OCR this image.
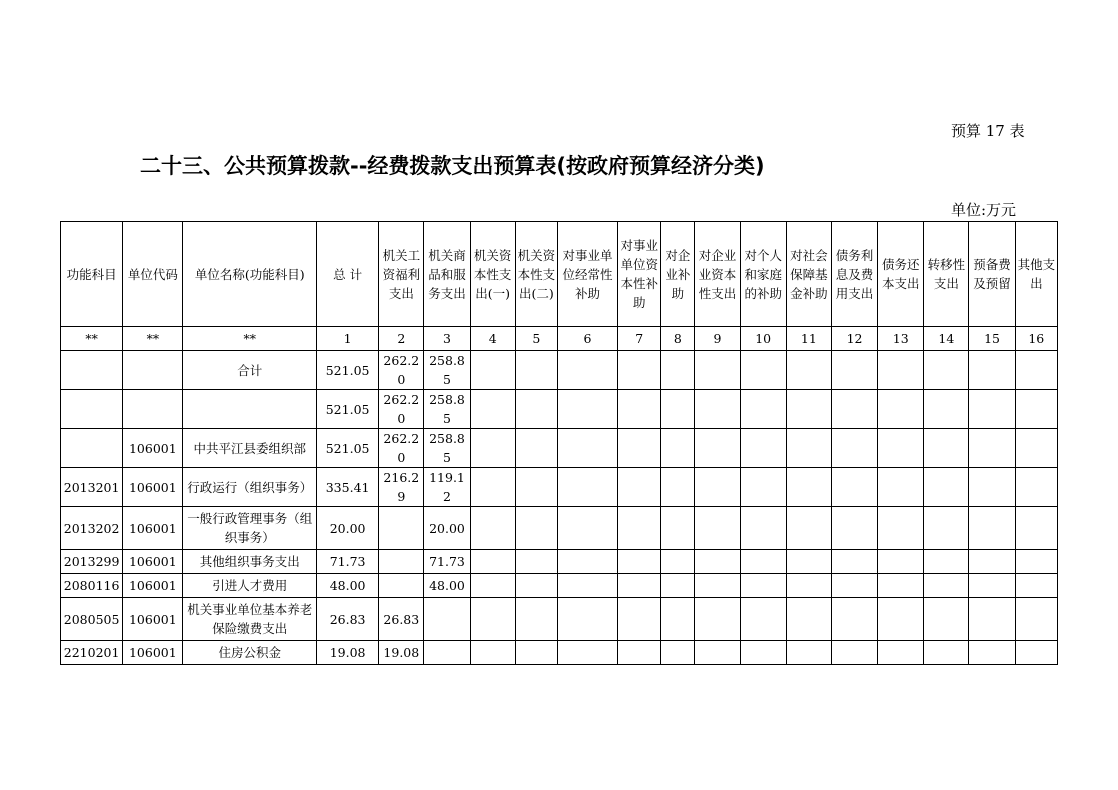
预算 17 表
二十三、公共预算拨款--经费拨款支出预算表(按政府预算经济分类)
单位:万元
功能科目	单位代码	单位名称(功能科目)	总 计	机关工资福利支出	机关商品和服务支出	机关资本性支出(一)	机关资本性支出(二)	对事业单位经常性补助	对事业单位资本性补助	对企业补助	对企业业资本性支出	对个人和家庭的补助	对社会保障基金补助	债务利息及费用支出	债务还本支出	转移性支出	预备费及预留	其他支出
**	**	**	1	2	3	4	5	6	7	8	9	10	11	12	13	14	15	16
		合计	521.05	262.20	258.85													
			521.05	262.20	258.85													
	106001	中共平江县委组织部	521.05	262.20	258.85													
2013201	106001	行政运行（组织事务）	335.41	216.29	119.12													
2013202	106001	一般行政管理事务（组织事务）	20.00		20.00													
2013299	106001	其他组织事务支出	71.73		71.73													
2080116	106001	引进人才费用	48.00		48.00													
2080505	106001	机关事业单位基本养老保险缴费支出	26.83	26.83														
2210201	106001	住房公积金	19.08	19.08														
